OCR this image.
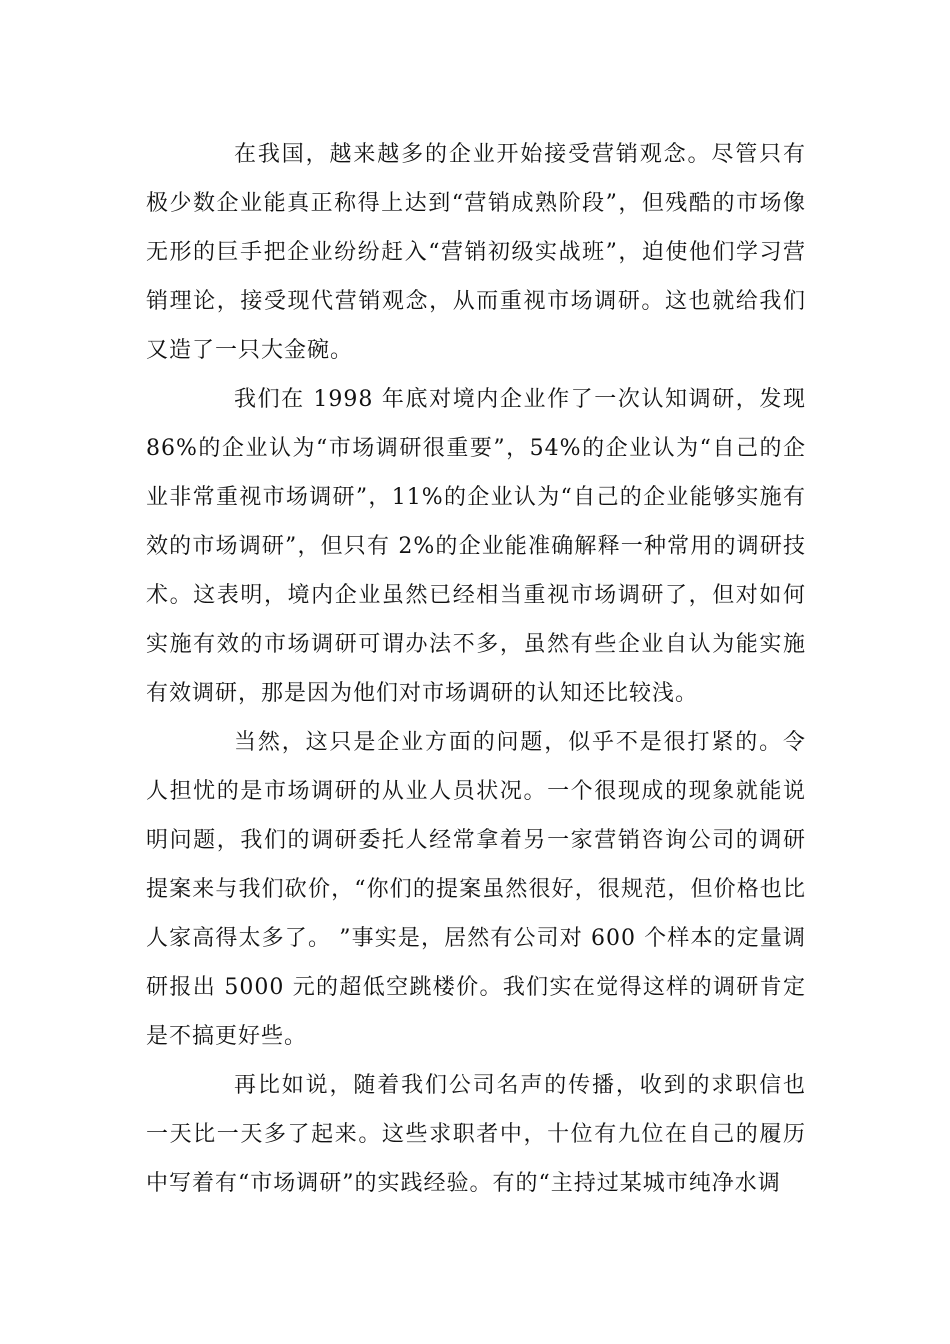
在我国，越来越多的企业开始接受营销观念。尽管只有极少数企业能真正称得上达到“营销成熟阶段”，但残酷的市场像无形的巨手把企业纷纷赶入“营销初级实战班”，迫使他们学习营销理论，接受现代营销观念，从而重视市场调研。这也就给我们又造了一只大金碗。

我们在 1998 年底对境内企业作了一次认知调研，发现 86%的企业认为“市场调研很重要”，54%的企业认为“自己的企业非常重视市场调研”，11%的企业认为“自己的企业能够实施有效的市场调研”，但只有 2%的企业能准确解释一种常用的调研技术。这表明，境内企业虽然已经相当重视市场调研了，但对如何实施有效的市场调研可谓办法不多，虽然有些企业自认为能实施有效调研，那是因为他们对市场调研的认知还比较浅。

当然，这只是企业方面的问题，似乎不是很打紧的。令人担忧的是市场调研的从业人员状况。一个很现成的现象就能说明问题，我们的调研委托人经常拿着另一家营销咨询公司的调研提案来与我们砍价，“你们的提案虽然很好，很规范，但价格也比人家高得太多了。 ”事实是，居然有公司对 600 个样本的定量调研报出 5000 元的超低空跳楼价。我们实在觉得这样的调研肯定是不搞更好些。

再比如说，随着我们公司名声的传播，收到的求职信也一天比一天多了起来。这些求职者中，十位有九位在自己的履历中写着有“市场调研”的实践经验。有的“主持过某城市纯净水调
